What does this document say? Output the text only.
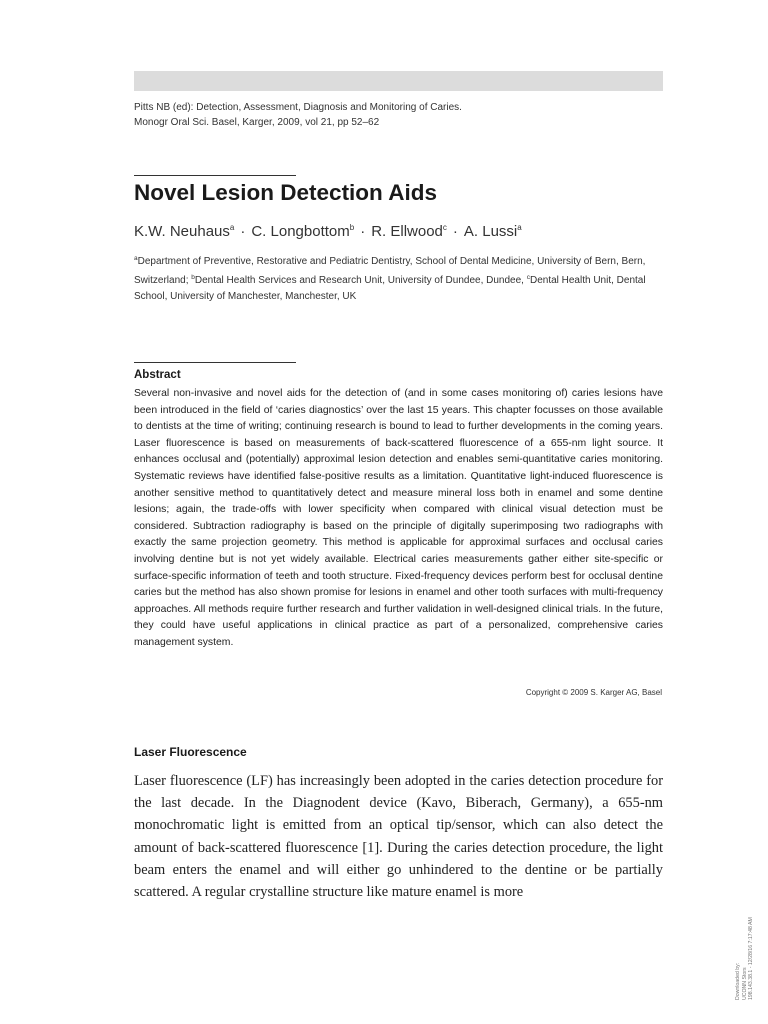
Pitts NB (ed): Detection, Assessment, Diagnosis and Monitoring of Caries.
Monogr Oral Sci. Basel, Karger, 2009, vol 21, pp 52–62
Novel Lesion Detection Aids
K.W. Neuhaus$^a$ · C. Longbottom$^b$ · R. Ellwood$^c$ · A. Lussi$^a$
$^a$Department of Preventive, Restorative and Pediatric Dentistry, School of Dental Medicine, University of Bern, Bern, Switzerland; $^b$Dental Health Services and Research Unit, University of Dundee, Dundee, $^c$Dental Health Unit, Dental School, University of Manchester, Manchester, UK
Abstract
Several non-invasive and novel aids for the detection of (and in some cases monitoring of) caries lesions have been introduced in the field of ‘caries diagnostics’ over the last 15 years. This chapter focusses on those available to dentists at the time of writing; continuing research is bound to lead to further developments in the coming years. Laser fluorescence is based on measurements of back-scattered fluorescence of a 655-nm light source. It enhances occlusal and (potentially) approximal lesion detection and enables semi-quantitative caries monitoring. Systematic reviews have identified false-positive results as a limitation. Quantitative light-induced fluorescence is another sensitive method to quantitatively detect and measure mineral loss both in enamel and some dentine lesions; again, the trade-offs with lower specificity when compared with clinical visual detection must be considered. Subtraction radiography is based on the principle of digitally superimposing two radiographs with exactly the same projection geometry. This method is applicable for approximal surfaces and occlusal caries involving dentine but is not yet widely available. Electrical caries measurements gather either site-specific or surface-specific information of teeth and tooth structure. Fixed-frequency devices perform best for occlusal dentine caries but the method has also shown promise for lesions in enamel and other tooth surfaces with multi-frequency approaches. All methods require further research and further validation in well-designed clinical trials. In the future, they could have useful applications in clinical practice as part of a personalized, comprehensive caries management system.
Copyright © 2009 S. Karger AG, Basel
Laser Fluorescence
Laser fluorescence (LF) has increasingly been adopted in the caries detection procedure for the last decade. In the Diagnodent device (Kavo, Biberach, Germany), a 655-nm monochromatic light is emitted from an optical tip/sensor, which can also detect the amount of back-scattered fluorescence [1]. During the caries detection procedure, the light beam enters the enamel and will either go unhindered to the dentine or be partially scattered. A regular crystalline structure like mature enamel is more
Downloaded by: UCONN Stors 198.143.38.1 - 12/28/16 7:17:48 AM
